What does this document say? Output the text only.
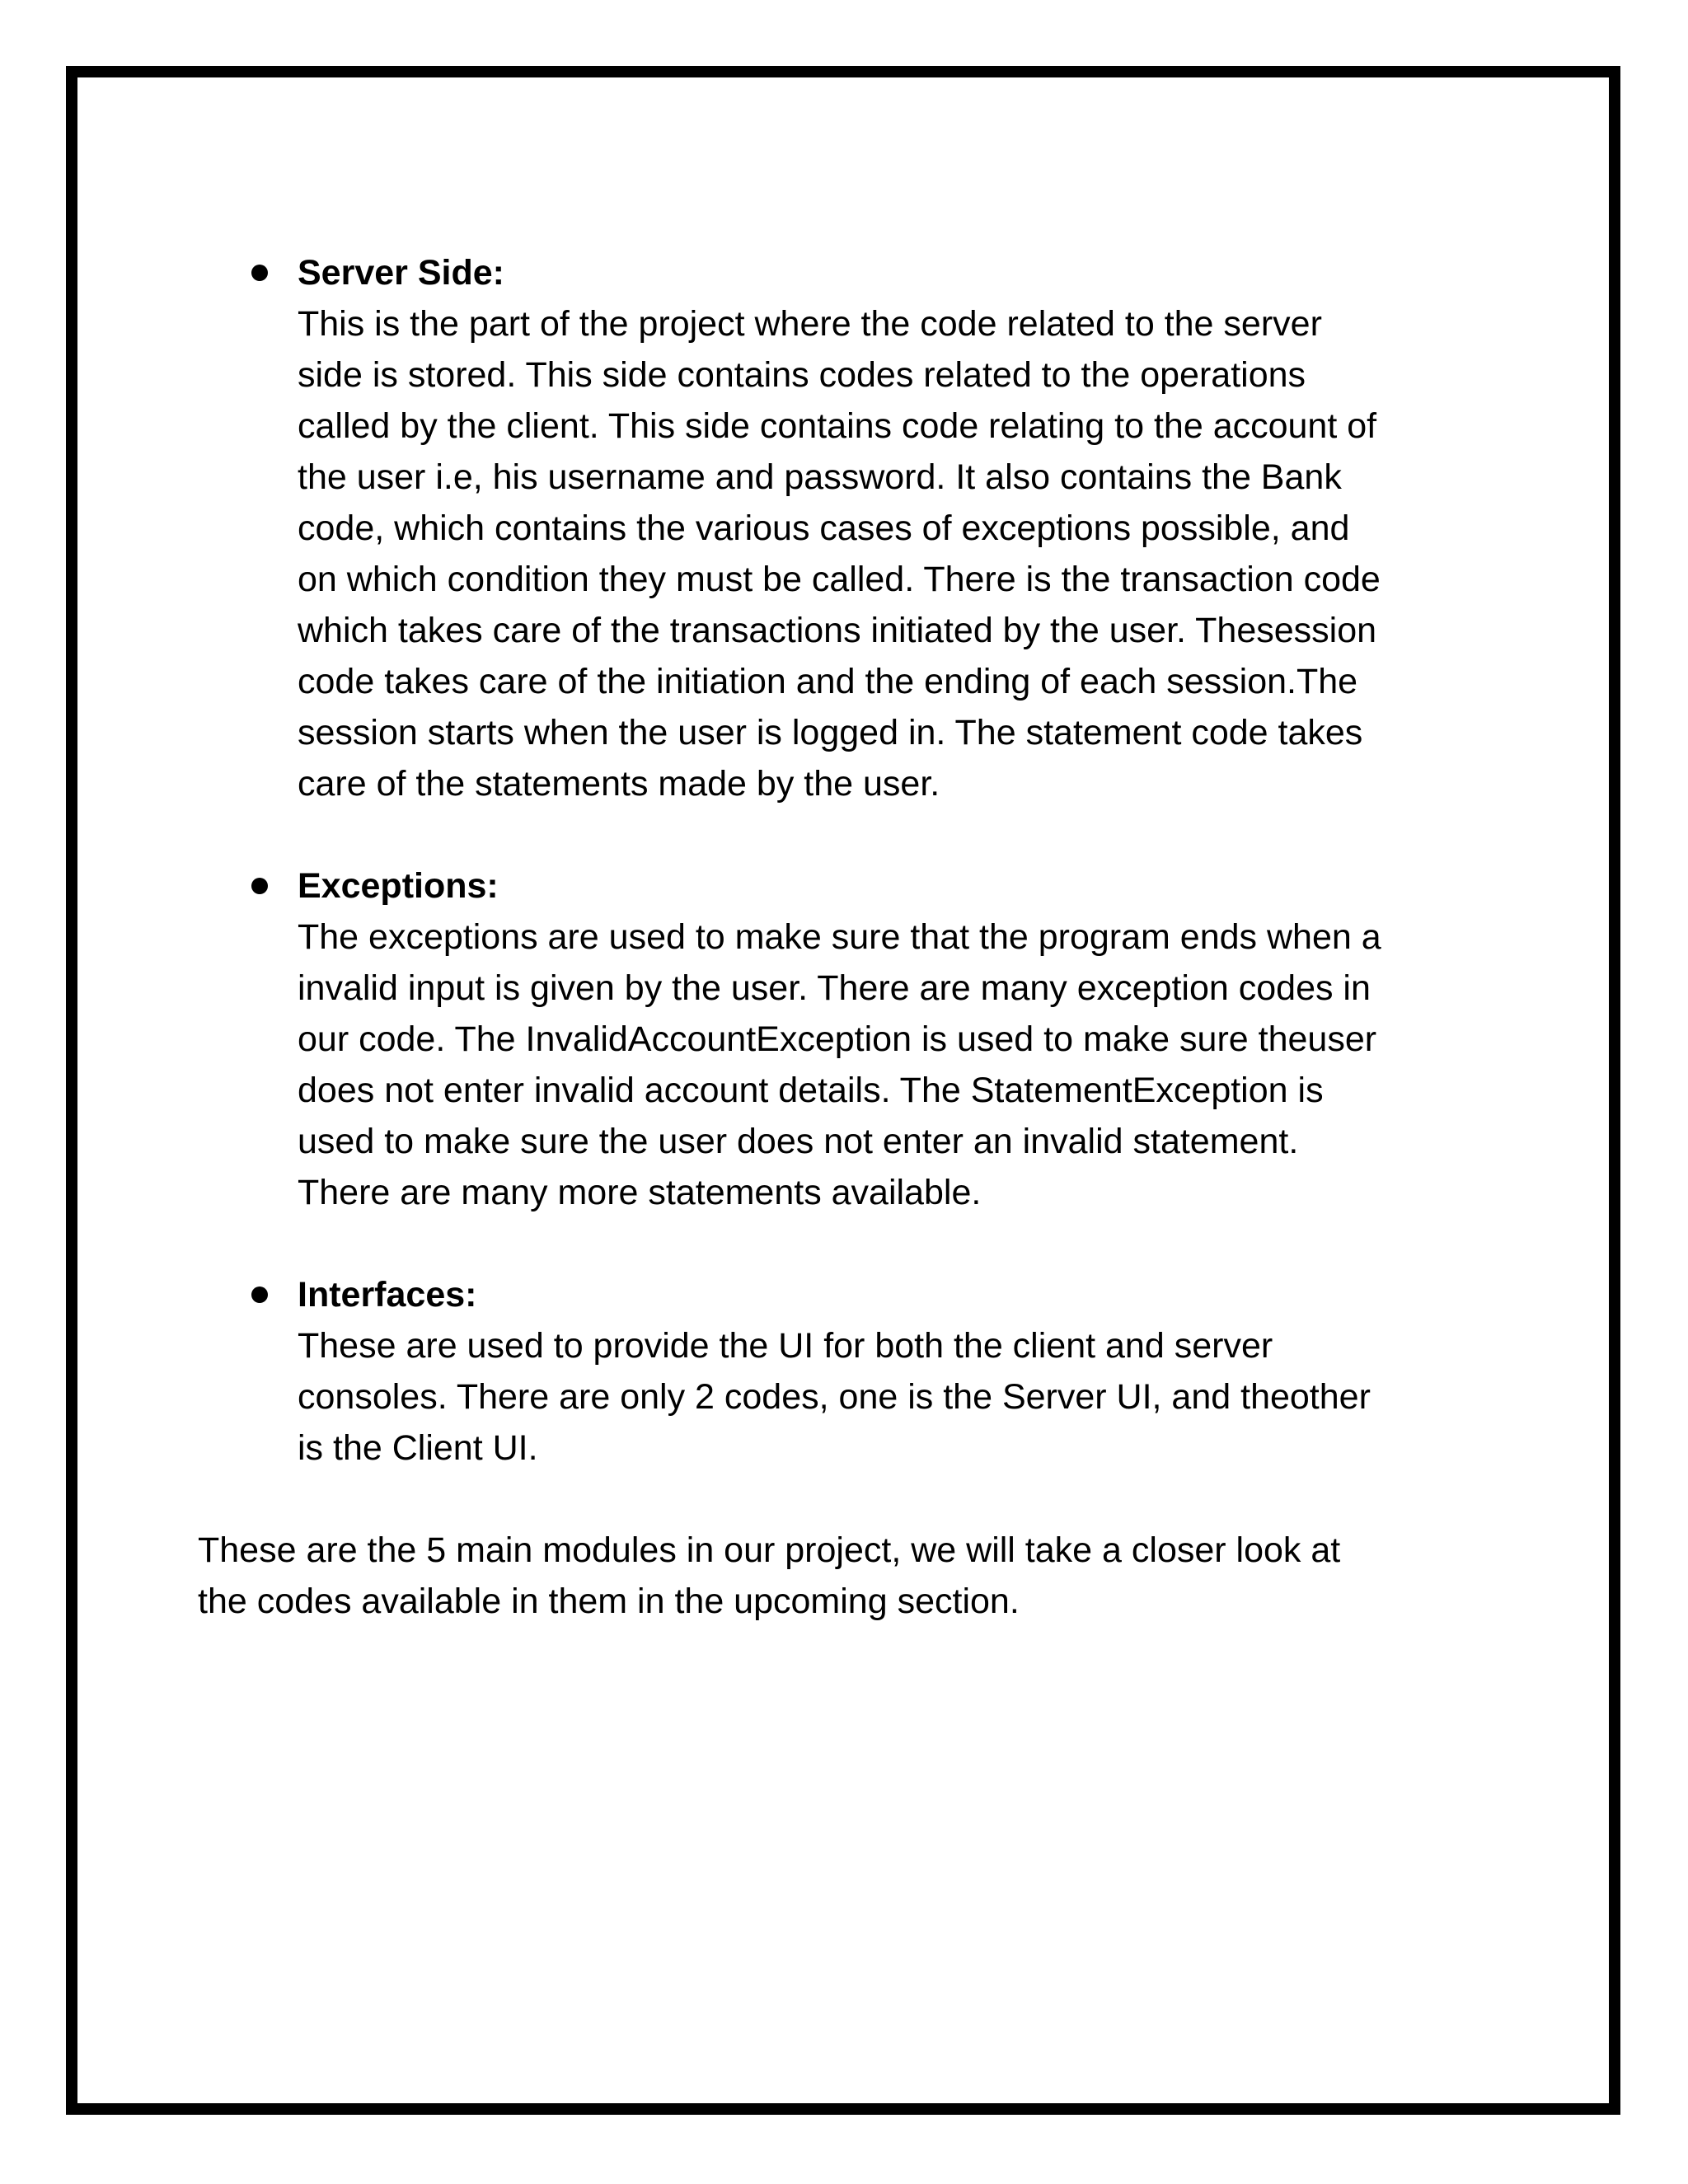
Server Side:
This is the part of the project where the code related to the server
side is stored. This side contains codes related to the operations
called by the client. This side contains code relating to the account of
the user i.e, his username and password. It also contains the Bank
code, which contains the various cases of exceptions possible, and
on which condition they must be called. There is the transaction code
which takes care of the transactions initiated by the user. Thesession
code takes care of the initiation and the ending of each session.The
session starts when the user is logged in. The statement code takes
care of the statements made by the user.
Exceptions:
The exceptions are used to make sure that the program ends when a
invalid input is given by the user. There are many exception codes in
our code. The InvalidAccountException is used to make sure theuser
does not enter invalid account details. The StatementException is
used to make sure the user does not enter an invalid statement.
There are many more statements available.
Interfaces:
These are used to provide the UI for both the client and server
consoles. There are only 2 codes, one is the Server UI, and theother
is the Client UI.

These are the 5 main modules in our project, we will take a closer look at
the codes available in them in the upcoming section.
